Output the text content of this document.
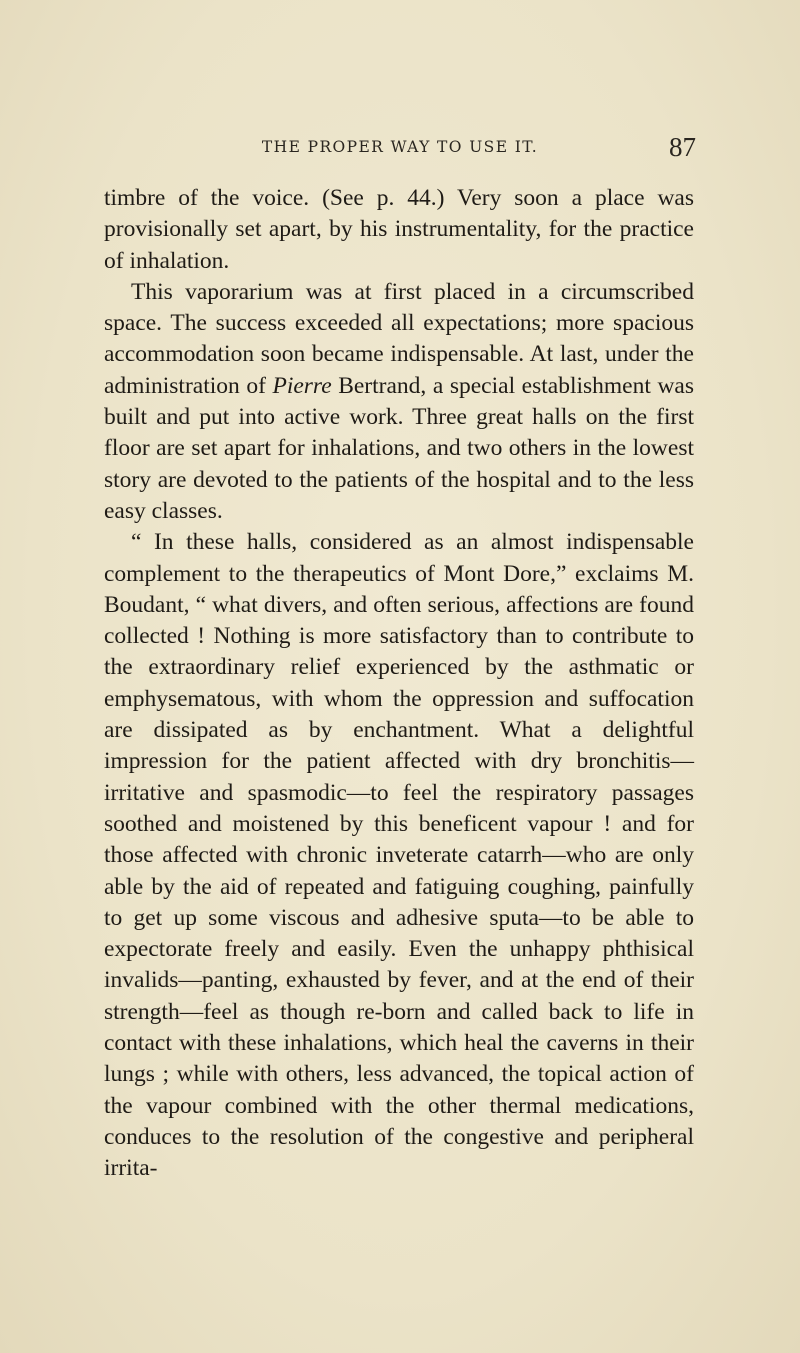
THE PROPER WAY TO USE IT.	87

timbre of the voice. (See p. 44.) Very soon a place was provisionally set apart, by his instrumentality, for the practice of inhalation.

This vaporarium was at first placed in a circumscribed space. The success exceeded all expectations; more spacious accommodation soon became indispensable. At last, under the administration of Pierre Bertrand, a special establishment was built and put into active work. Three great halls on the first floor are set apart for inhalations, and two others in the lowest story are devoted to the patients of the hospital and to the less easy classes.

“ In these halls, considered as an almost indispensable complement to the therapeutics of Mont Dore,” exclaims M. Boudant, “ what divers, and often serious, affections are found collected ! Nothing is more satisfactory than to contribute to the extraordinary relief experienced by the asthmatic or emphysematous, with whom the oppression and suffocation are dissipated as by enchantment. What a delightful impression for the patient affected with dry bronchitis—irritative and spasmodic—to feel the respiratory passages soothed and moistened by this beneficent vapour ! and for those affected with chronic inveterate catarrh—who are only able by the aid of repeated and fatiguing coughing, painfully to get up some viscous and adhesive sputa—to be able to expectorate freely and easily. Even the unhappy phthisical invalids—panting, exhausted by fever, and at the end of their strength—feel as though re-born and called back to life in contact with these inhalations, which heal the caverns in their lungs ; while with others, less advanced, the topical action of the vapour combined with the other thermal medications, conduces to the resolution of the congestive and peripheral irrita-
